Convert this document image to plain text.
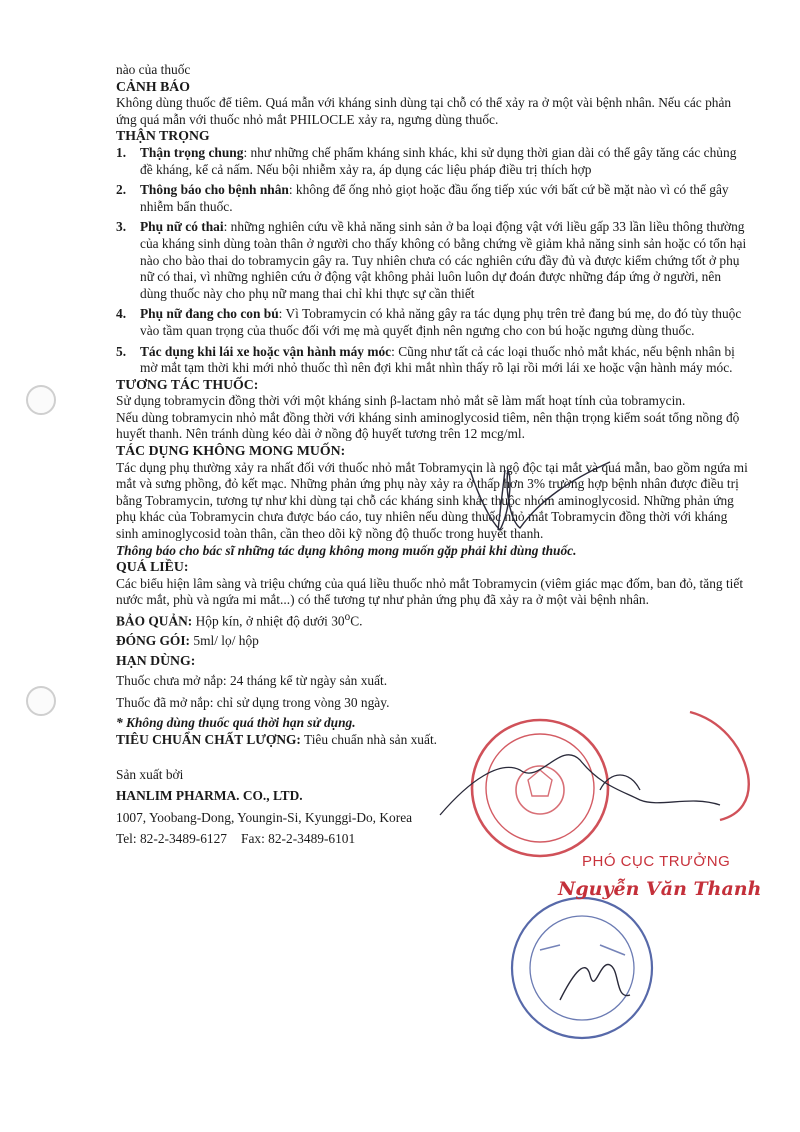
nào của thuốc

CẢNH BÁO

Không dùng thuốc để tiêm. Quá mẫn với kháng sinh dùng tại chỗ có thể xảy ra ở một vài bệnh nhân. Nếu các phản ứng quá mẫn với thuốc nhỏ mắt PHILOCLE xảy ra, ngưng dùng thuốc.

THẬN TRỌNG

1.	Thận trọng chung: như những chế phẩm kháng sinh khác, khi sử dụng thời gian dài có thể gây tăng các chủng đề kháng, kể cả nấm. Nếu bội nhiễm xảy ra, áp dụng các liệu pháp điều trị thích hợp
2.	Thông báo cho bệnh nhân: không để ống nhỏ giọt hoặc đầu ống tiếp xúc với bất cứ bề mặt nào vì có thể gây nhiễm bẩn thuốc.
3.	Phụ nữ có thai: những nghiên cứu về khả năng sinh sản ở ba loại động vật với liều gấp 33 lần liều thông thường của kháng sinh dùng toàn thân ở người cho thấy không có bằng chứng về giảm khả năng sinh sản hoặc có tổn hại nào cho bào thai do tobramycin gây ra. Tuy nhiên chưa có các nghiên cứu đầy đủ và được kiểm chứng tốt ở phụ nữ có thai, vì những nghiên cứu ở động vật không phải luôn luôn dự đoán được những đáp ứng ở người, nên dùng thuốc này cho phụ nữ mang thai chỉ khi thực sự cần thiết
4.	Phụ nữ đang cho con bú: Vì Tobramycin có khả năng gây ra tác dụng phụ trên trẻ đang bú mẹ, do đó tùy thuộc vào tầm quan trọng của thuốc đối với mẹ mà quyết định nên ngưng cho con bú hoặc ngưng dùng thuốc.
5.	Tác dụng khi lái xe hoặc vận hành máy móc: Cũng như tất cả các loại thuốc nhỏ mắt khác, nếu bệnh nhân bị mờ mắt tạm thời khi mới nhỏ thuốc thì nên đợi khi mắt nhìn thấy rõ lại rồi mới lái xe hoặc vận hành máy móc.

TƯƠNG TÁC THUỐC:

Sử dụng tobramycin đồng thời với một kháng sinh β-lactam nhỏ mắt sẽ làm mất hoạt tính của tobramycin.

Nếu dùng tobramycin nhỏ mắt đồng thời với kháng sinh aminoglycosid tiêm, nên thận trọng kiểm soát tổng nồng độ huyết thanh. Nên tránh dùng kéo dài ở nồng độ huyết tương trên 12 mcg/ml.

TÁC DỤNG KHÔNG MONG MUỐN:

Tác dụng phụ thường xảy ra nhất đối với thuốc nhỏ mắt Tobramycin là ngộ độc tại mắt và quá mẫn, bao gồm ngứa mi mắt và sưng phồng, đỏ kết mạc. Những phản ứng phụ này xảy ra ở thấp hơn 3% trường hợp bệnh nhân được điều trị bằng Tobramycin, tương tự như khi dùng tại chỗ các kháng sinh khác thuộc nhóm aminoglycosid. Những phản ứng phụ khác của Tobramycin chưa được báo cáo, tuy nhiên nếu dùng thuốc nhỏ mắt Tobramycin đồng thời với kháng sinh aminoglycosid toàn thân, cần theo dõi kỹ nồng độ thuốc trong huyết thanh.

Thông báo cho bác sĩ những tác dụng không mong muốn gặp phải khi dùng thuốc.

QUÁ LIỀU:

Các biểu hiện lâm sàng và triệu chứng của quá liều thuốc nhỏ mắt Tobramycin (viêm giác mạc đốm, ban đỏ, tăng tiết nước mắt, phù và ngứa mi mắt...) có thể tương tự như phản ứng phụ đã xảy ra ở một vài bệnh nhân.

BẢO QUẢN: Hộp kín, ở nhiệt độ dưới 30$^o$C.

ĐÓNG GÓI: 5ml/ lọ/ hộp

HẠN DÙNG:

Thuốc chưa mở nắp: 24 tháng kể từ ngày sản xuất.

Thuốc đã mở nắp: chỉ sử dụng trong vòng 30 ngày.

* Không dùng thuốc quá thời hạn sử dụng.

TIÊU CHUẨN CHẤT LƯỢNG: Tiêu chuẩn nhà sản xuất.

Sản xuất bởi

HANLIM PHARMA. CO., LTD.

1007, Yoobang-Dong, Youngin-Si, Kyunggi-Do, Korea

Tel: 82-2-3489-6127 Fax: 82-2-3489-6101

PHÓ CỤC TRƯỞNG
Nguyễn Văn Thanh
